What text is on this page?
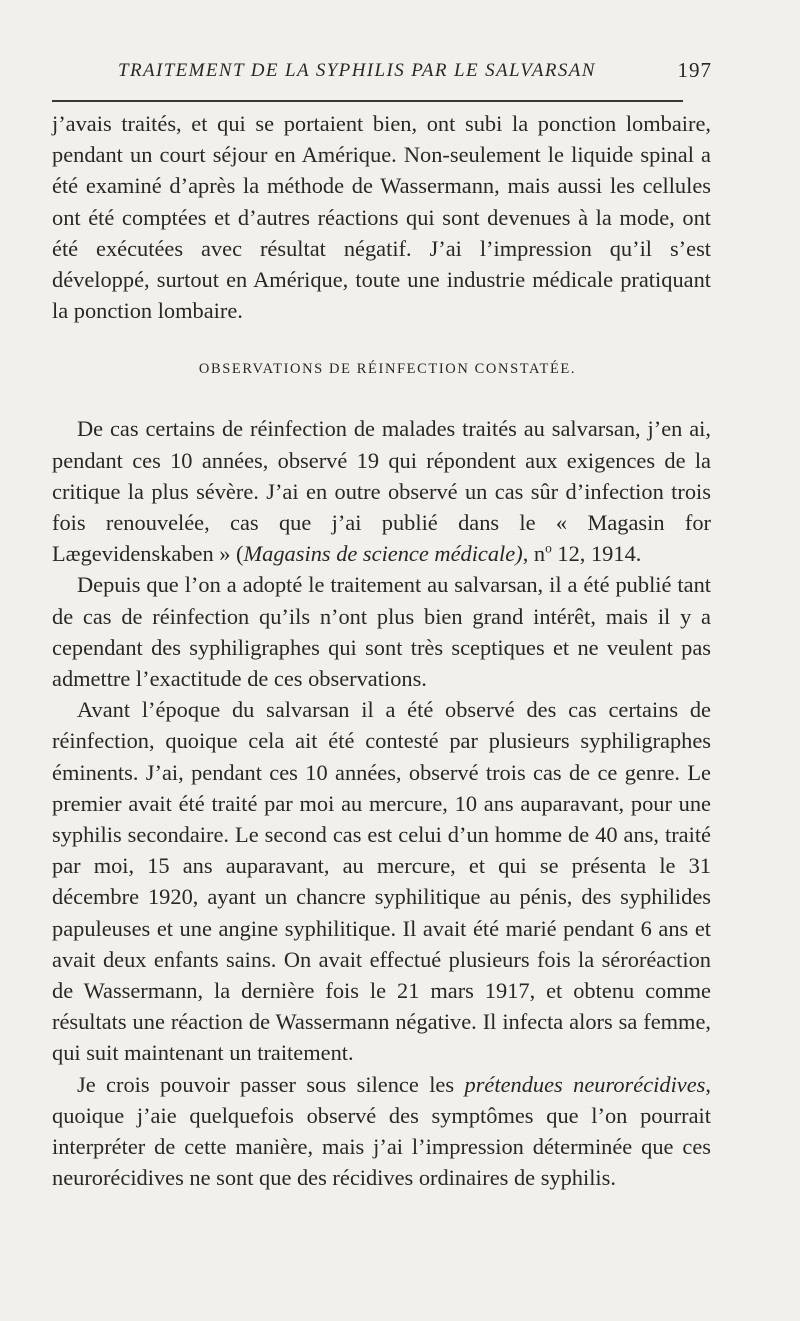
TRAITEMENT DE LA SYPHILIS PAR LE SALVARSAN	197

j’avais traités, et qui se portaient bien, ont subi la ponction lombaire, pendant un court séjour en Amérique. Non-seulement le liquide spinal a été examiné d’après la méthode de Wassermann, mais aussi les cellules ont été comptées et d’autres réactions qui sont devenues à la mode, ont été exécutées avec résultat négatif. J’ai l’impression qu’il s’est développé, surtout en Amérique, toute une industrie médicale pratiquant la ponction lombaire.

OBSERVATIONS DE RÉINFECTION CONSTATÉE.

De cas certains de réinfection de malades traités au salvarsan, j’en ai, pendant ces 10 années, observé 19 qui répondent aux exigences de la critique la plus sévère. J’ai en outre observé un cas sûr d’infection trois fois renouvelée, cas que j’ai publié dans le « Magasin for Lægevidenskaben » (Magasins de science médicale), $n^o$ 12, 1914.

Depuis que l’on a adopté le traitement au salvarsan, il a été publié tant de cas de réinfection qu’ils n’ont plus bien grand intérêt, mais il y a cependant des syphiligraphes qui sont très sceptiques et ne veulent pas admettre l’exactitude de ces observations.

Avant l’époque du salvarsan il a été observé des cas certains de réinfection, quoique cela ait été contesté par plusieurs syphiligraphes éminents. J’ai, pendant ces 10 années, observé trois cas de ce genre. Le premier avait été traité par moi au mercure, 10 ans auparavant, pour une syphilis secondaire. Le second cas est celui d’un homme de 40 ans, traité par moi, 15 ans auparavant, au mercure, et qui se présenta le 31 décembre 1920, ayant un chancre syphilitique au pénis, des syphilides papuleuses et une angine syphilitique. Il avait été marié pendant 6 ans et avait deux enfants sains. On avait effectué plusieurs fois la séroréaction de Wassermann, la dernière fois le 21 mars 1917, et obtenu comme résultats une réaction de Wassermann négative. Il infecta alors sa femme, qui suit maintenant un traitement.

Je crois pouvoir passer sous silence les prétendues neurorécidives, quoique j’aie quelquefois observé des symptômes que l’on pourrait interpréter de cette manière, mais j’ai l’impression déterminée que ces neurorécidives ne sont que des récidives ordinaires de syphilis.
